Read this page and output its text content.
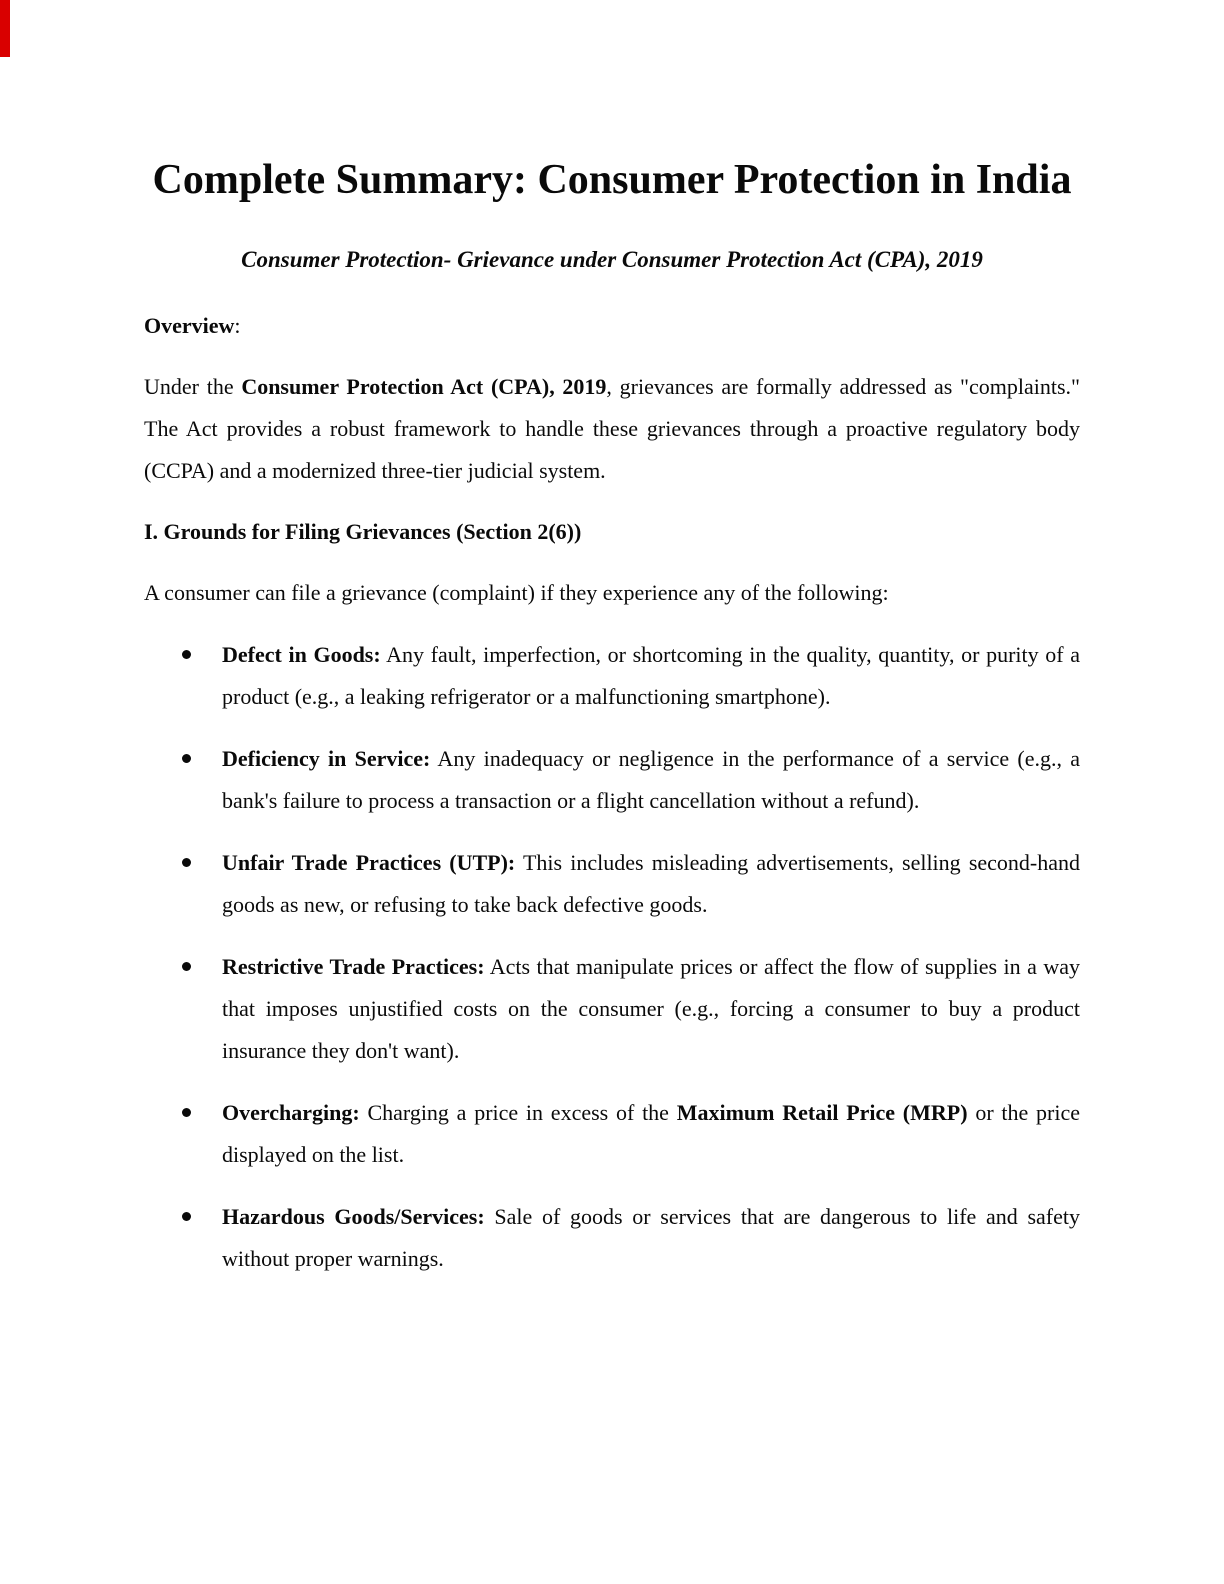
Complete Summary: Consumer Protection in India

Consumer Protection- Grievance under Consumer Protection Act (CPA), 2019

Overview:

Under the Consumer Protection Act (CPA), 2019, grievances are formally addressed as "complaints." The Act provides a robust framework to handle these grievances through a proactive regulatory body (CCPA) and a modernized three-tier judicial system.

I. Grounds for Filing Grievances (Section 2(6))

A consumer can file a grievance (complaint) if they experience any of the following:

Defect in Goods: Any fault, imperfection, or shortcoming in the quality, quantity, or purity of a product (e.g., a leaking refrigerator or a malfunctioning smartphone).
Deficiency in Service: Any inadequacy or negligence in the performance of a service (e.g., a bank's failure to process a transaction or a flight cancellation without a refund).
Unfair Trade Practices (UTP): This includes misleading advertisements, selling second-hand goods as new, or refusing to take back defective goods.
Restrictive Trade Practices: Acts that manipulate prices or affect the flow of supplies in a way that imposes unjustified costs on the consumer (e.g., forcing a consumer to buy a product insurance they don't want).
Overcharging: Charging a price in excess of the Maximum Retail Price (MRP) or the price displayed on the list.
Hazardous Goods/Services: Sale of goods or services that are dangerous to life and safety without proper warnings.
